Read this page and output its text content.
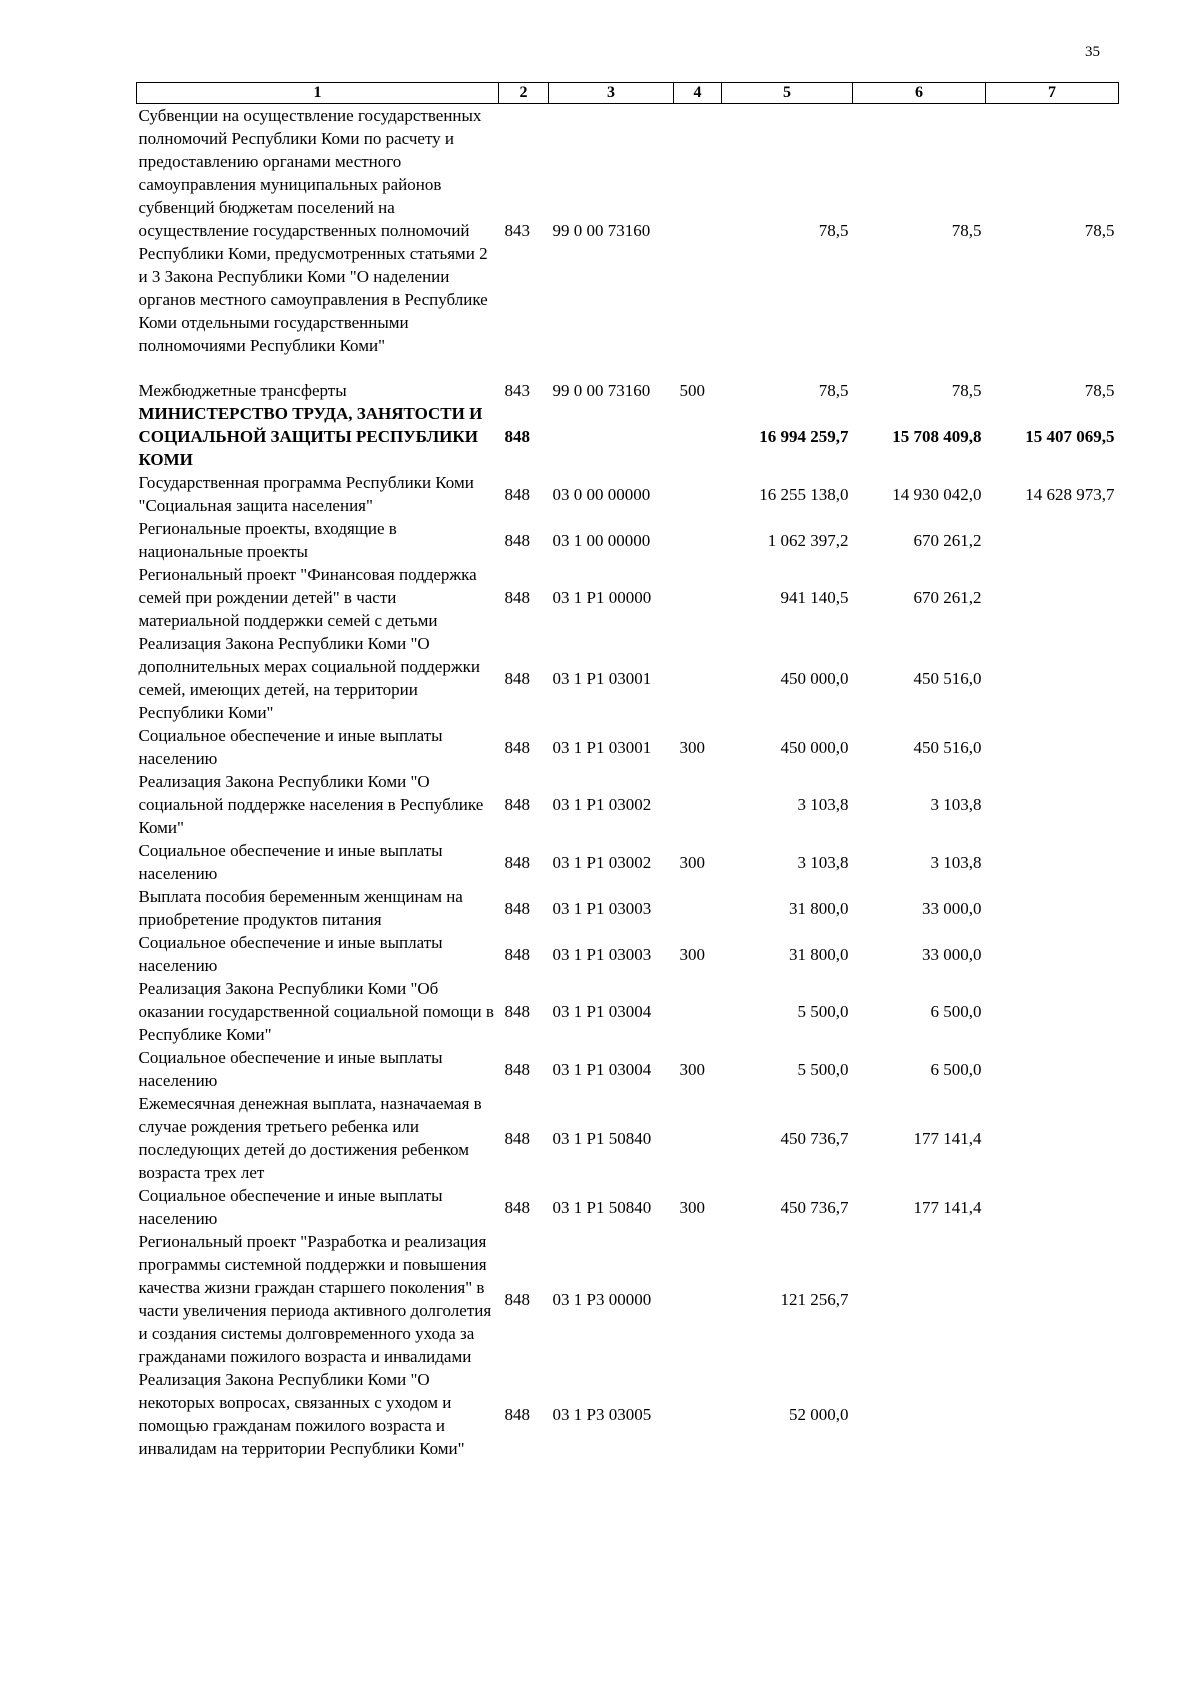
35
1	2	3	4	5	6	7
Субвенции на осуществление государственных полномочий Республики Коми по расчету и предоставлению органами местного самоуправления муниципальных районов субвенций бюджетам поселений на осуществление государственных полномочий Республики Коми, предусмотренных статьями 2 и 3 Закона Республики Коми "О наделении органов местного самоуправления в Республике Коми отдельными государственными полномочиями Республики Коми"	843	99 0 00 73160		78,5	78,5	78,5

Межбюджетные трансферты	843	99 0 00 73160	500	78,5	78,5	78,5
МИНИСТЕРСТВО ТРУДА, ЗАНЯТОСТИ И СОЦИАЛЬНОЙ ЗАЩИТЫ РЕСПУБЛИКИ КОМИ	848			16 994 259,7	15 708 409,8	15 407 069,5
Государственная программа Республики Коми "Социальная защита населения"	848	03 0 00 00000		16 255 138,0	14 930 042,0	14 628 973,7
Региональные проекты, входящие в национальные проекты	848	03 1 00 00000		1 062 397,2	670 261,2	
Региональный проект "Финансовая поддержка семей при рождении детей" в части материальной поддержки семей с детьми	848	03 1 P1 00000		941 140,5	670 261,2	
Реализация Закона Республики Коми "О дополнительных мерах социальной поддержки семей, имеющих детей, на территории Республики Коми"	848	03 1 P1 03001		450 000,0	450 516,0	
Социальное обеспечение и иные выплаты населению	848	03 1 P1 03001	300	450 000,0	450 516,0	
Реализация Закона Республики Коми "О социальной поддержке населения в Республике Коми"	848	03 1 P1 03002		3 103,8	3 103,8	
Социальное обеспечение и иные выплаты населению	848	03 1 P1 03002	300	3 103,8	3 103,8	
Выплата пособия беременным женщинам на приобретение продуктов питания	848	03 1 P1 03003		31 800,0	33 000,0	
Социальное обеспечение и иные выплаты населению	848	03 1 P1 03003	300	31 800,0	33 000,0	
Реализация Закона Республики Коми "Об оказании государственной социальной помощи в Республике Коми"	848	03 1 P1 03004		5 500,0	6 500,0	
Социальное обеспечение и иные выплаты населению	848	03 1 P1 03004	300	5 500,0	6 500,0	
Ежемесячная денежная выплата, назначаемая в случае рождения третьего ребенка или последующих детей до достижения ребенком возраста трех лет	848	03 1 P1 50840		450 736,7	177 141,4	
Социальное обеспечение и иные выплаты населению	848	03 1 P1 50840	300	450 736,7	177 141,4	
Региональный проект "Разработка и реализация программы системной поддержки и повышения качества жизни граждан старшего поколения" в части увеличения периода активного долголетия и создания системы долговременного ухода за гражданами пожилого возраста и инвалидами	848	03 1 P3 00000		121 256,7		
Реализация Закона Республики Коми "О некоторых вопросах, связанных с уходом и помощью гражданам пожилого возраста и инвалидам на территории Республики Коми"	848	03 1 P3 03005		52 000,0		
